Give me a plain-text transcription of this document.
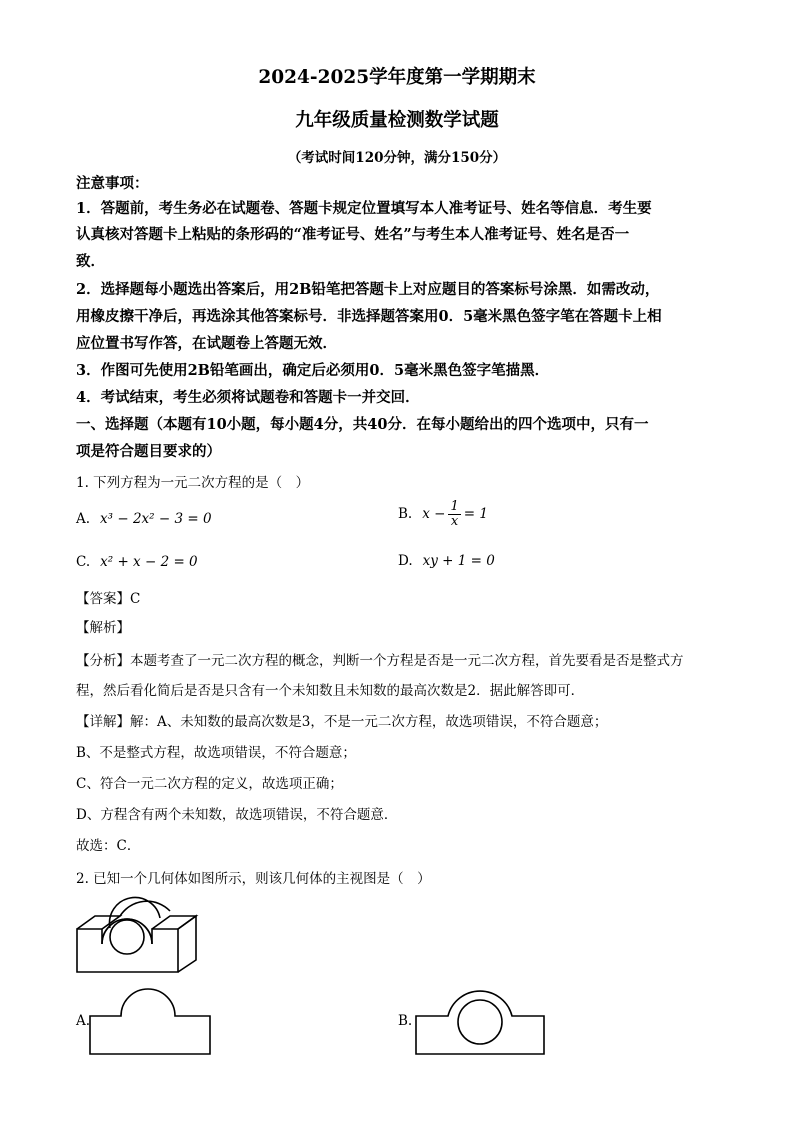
2024-2025学年度第一学期期末
九年级质量检测数学试题
（考试时间120分钟，满分150分）
注意事项：
1．答题前，考生务必在试题卷、答题卡规定位置填写本人准考证号、姓名等信息．考生要
认真核对答题卡上粘贴的条形码的“准考证号、姓名”与考生本人准考证号、姓名是否一
致．
2．选择题每小题选出答案后，用2B铅笔把答题卡上对应题目的答案标号涂黑．如需改动，
用橡皮擦干净后，再选涂其他答案标号．非选择题答案用0．5毫米黑色签字笔在答题卡上相
应位置书写作答，在试题卷上答题无效．
3．作图可先使用2B铅笔画出，确定后必须用0．5毫米黑色签字笔描黑．
4．考试结束，考生必须将试题卷和答题卡一并交回．
一、选择题（本题有10小题，每小题4分，共40分．在每小题给出的四个选项中，只有一
项是符合题目要求的）
1. 下列方程为一元二次方程的是（　）
A. x³ − 2x² − 3 = 0	B. $x - \frac{1}{x} = 1$
C. x² + x − 2 = 0	D. xy + 1 = 0
【答案】C
【解析】
【分析】本题考查了一元二次方程的概念，判断一个方程是否是一元二次方程，首先要看是否是整式方
程，然后看化简后是否是只含有一个未知数且未知数的最高次数是2．据此解答即可．
【详解】解：A、未知数的最高次数是3，不是一元二次方程，故选项错误，不符合题意；
B、不是整式方程，故选项错误，不符合题意；
C、符合一元二次方程的定义，故选项正确；
D、方程含有两个未知数，故选项错误，不符合题意．
故选：C．
2. 已知一个几何体如图所示，则该几何体的主视图是（　）
A.	B.
